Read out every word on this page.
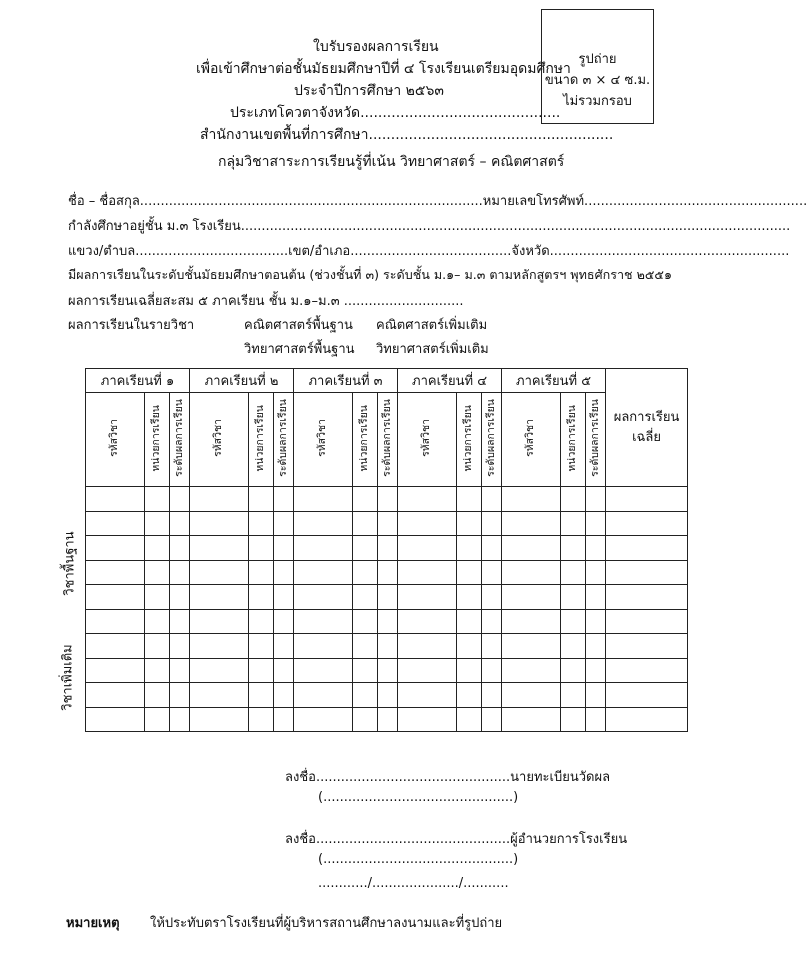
ใบรับรองผลการเรียน
เพื่อเข้าศึกษาต่อชั้นมัธยมศึกษาปีที่ ๔ โรงเรียนเตรียมอุดมศึกษา
ประจำปีการศึกษา ๒๕๖๓
ประเภทโควตาจังหวัด.............................................
สำนักงานเขตพื้นที่การศึกษา.......................................................
กลุ่มวิชาสาระการเรียนรู้ที่เน้น วิทยาศาสตร์ – คณิตศาสตร์
รูปถ่าย
ขนาด ๓ × ๔ ซ.ม.
ไม่รวมกรอบ
ชื่อ – ชื่อสกุล...................................................................................หมายเลขโทรศัพท์......................................................
กำลังศึกษาอยู่ชั้น ม.๓ โรงเรียน.....................................................................................................................................
แขวง/ตำบล.....................................เขต/อำเภอ.......................................จังหวัด..........................................................
มีผลการเรียนในระดับชั้นมัธยมศึกษาตอนต้น (ช่วงชั้นที่ ๓) ระดับชั้น ม.๑– ม.๓ ตามหลักสูตรฯ พุทธศักราช ๒๕๕๑
ผลการเรียนเฉลี่ยสะสม ๕ ภาคเรียน ชั้น ม.๑–ม.๓ .............................
ผลการเรียนในรายวิชา	คณิตศาสตร์พื้นฐาน คณิตศาสตร์เพิ่มเติม
วิทยาศาสตร์พื้นฐาน วิทยาศาสตร์เพิ่มเติม
วิชาพื้นฐาน
วิชาเพิ่มเติม
ภาคเรียนที่ ๑			ภาคเรียนที่ ๒			ภาคเรียนที่ ๓			ภาคเรียนที่ ๔			ภาคเรียนที่ ๕			ผลการเรียน
เฉลี่ย

รหัสวิชา	หน่วยการเรียน	ระดับผลการเรียน	รหัสวิชา	หน่วยการเรียน	ระดับผลการเรียน	รหัสวิชา	หน่วยการเรียน	ระดับผลการเรียน	รหัสวิชา	หน่วยการเรียน	ระดับผลการเรียน	รหัสวิชา	หน่วยการเรียน	ระดับผลการเรียน	

ลงชื่อ...............................................นายทะเบียนวัดผล
(..............................................)
ลงชื่อ...............................................ผู้อำนวยการโรงเรียน
(..............................................)
............/...................../...........
หมายเหตุ ให้ประทับตราโรงเรียนที่ผู้บริหารสถานศึกษาลงนามและที่รูปถ่าย
